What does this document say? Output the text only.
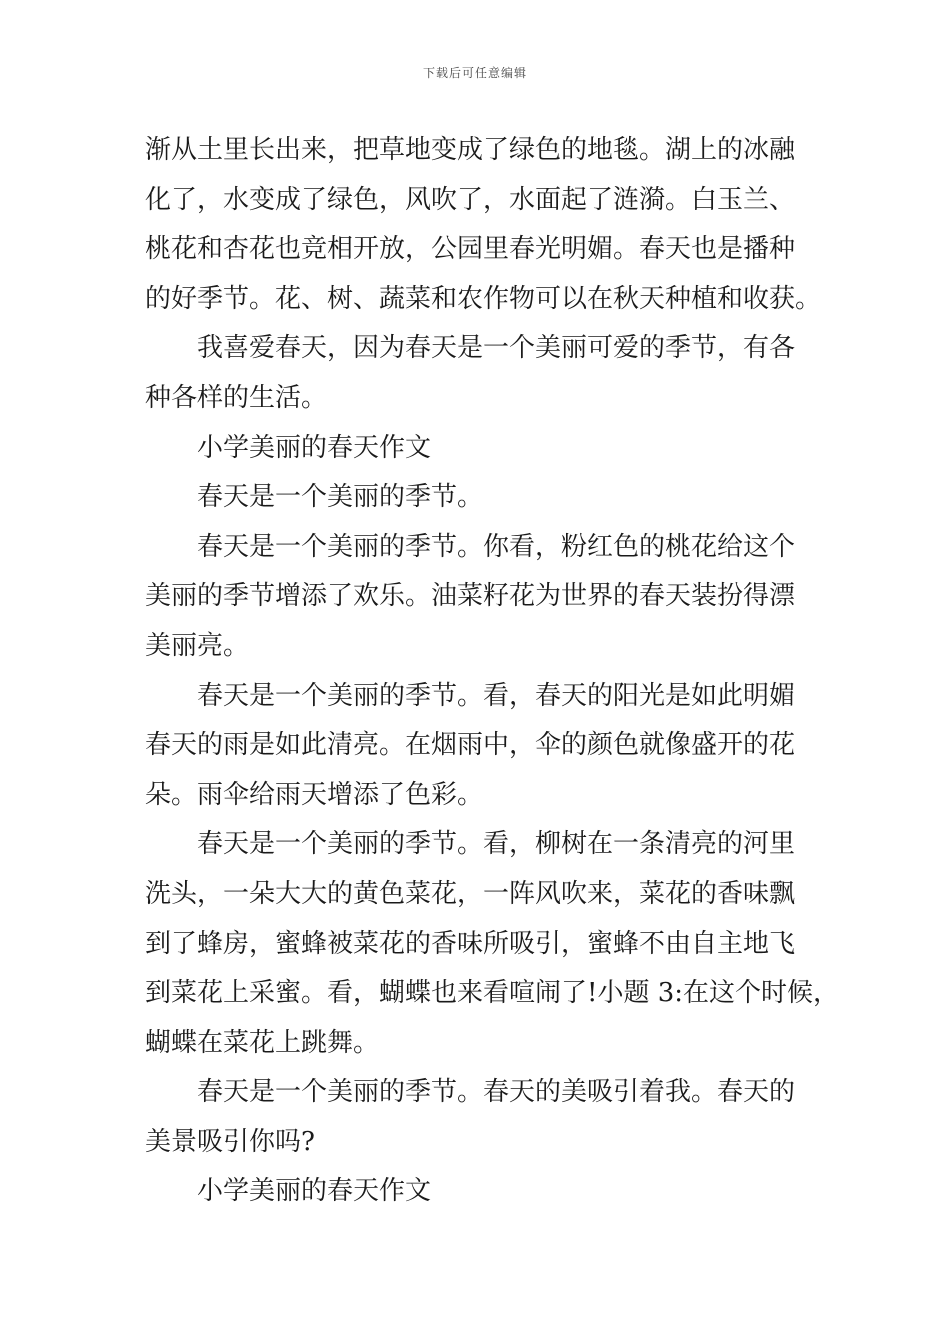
下载后可任意编辑
渐从土里长出来，把草地变成了绿色的地毯。湖上的冰融
化了，水变成了绿色，风吹了，水面起了涟漪。白玉兰、
桃花和杏花也竞相开放，公园里春光明媚。春天也是播种
的好季节。花、树、蔬菜和农作物可以在秋天种植和收获。
我喜爱春天，因为春天是一个美丽可爱的季节，有各
种各样的生活。
小学美丽的春天作文
春天是一个美丽的季节。
春天是一个美丽的季节。你看，粉红色的桃花给这个
美丽的季节增添了欢乐。油菜籽花为世界的春天装扮得漂
美丽亮。
春天是一个美丽的季节。看，春天的阳光是如此明媚
春天的雨是如此清亮。在烟雨中，伞的颜色就像盛开的花
朵。雨伞给雨天增添了色彩。
春天是一个美丽的季节。看，柳树在一条清亮的河里
洗头，一朵大大的黄色菜花，一阵风吹来，菜花的香味飘
到了蜂房，蜜蜂被菜花的香味所吸引，蜜蜂不由自主地飞
到菜花上采蜜。看，蝴蝶也来看喧闹了!小题 3:在这个时候，
蝴蝶在菜花上跳舞。
春天是一个美丽的季节。春天的美吸引着我。春天的
美景吸引你吗?
小学美丽的春天作文
